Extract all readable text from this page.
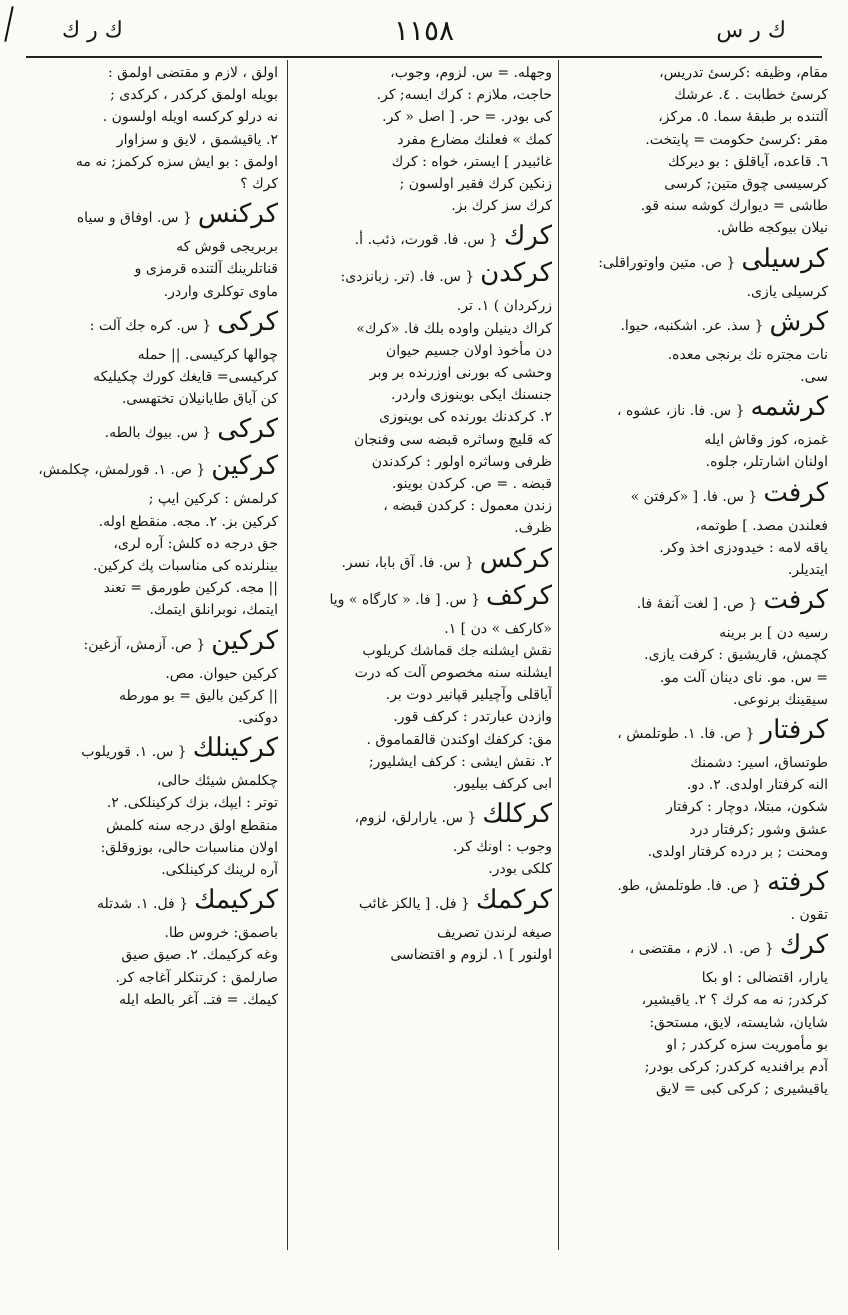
ك ر ك	١١٥٨	ك ر س
مقام، وظيفه :كرسىٔ تدريس،
كرسىٔ خطابت . ٤. عرشك
آلتنده بر طبقهٔ سما. ٥. مركز،
مقر :كرسىٔ حكومت = پايتخت.
٦. قاعده، آياقلق : بو دیركك
كرسيسى چوق متين; كرسى
طاشى = ديوارك كوشه سنه قو.
نيلان بيوكجه طاش.
كرسيلى{ ص. متين واوتوراقلى:
كرسيلى يازى.
كرش{ سذ. عر. اشكنبه، حيوا.
نات مجتره نك برنجى معده.
سى.
كرشمه{ س. فا. ناز، عشوه ،
غمزه، كوز وقاش ايله
اولنان اشارتلر، جلوه.
كرفت{ س. فا. [ «كرفتن »
فعلندن مصد. ] طوتمه،
ياقه لامه : خيدودزى اخذ وكر.
ايتديلر.
كرفت{ ص. [ لغت آنفهٔ فا.
رسيه دن ] بر برينه
كچمش، قاريشيق : كرفت يازى.
= س. مو. ناى دينان آلت مو.
سيقينك برنوعى.
كرفتار{ ص. فا. ١. طوتلمش ،
طوتساق، اسير: دشمنك
النه كرفتار اولدى. ٢. دو.
شكون، مبتلا، دوچار : كرفتار
عشق وشور ;كرفتار درد
ومحنت ; بر درده كرفتار اولدى.
كرفته{ ص. فا. طوتلمش، طو.
تقون .
كرك{ ص. ١. لازم ، مقتضى ،
يارار، اقتضالى : او بكا
كركدر; نه مه كرك ؟ ٢. ياقيشير،
شايان، شايسته، لايق، مستحق:
بو مأموريت سزه كركدر ; او
آدم برافنديه كركدر; كركى بودر;
ياقيشيرى ; كركى كبى = لايق
وجهله. = س. لزوم، وجوب،
حاجت، ملازم : كرك ايسه; كر.
كى بودر. = حر. [ اصل « كر.
كمك » فعلنك مضارع مفرد
غائبيدر ] ايستر، خواه : كرك
زنكين كرك فقير اولسون ;
كرك سز كرك بز.
كرك{ س. فا. قورت، ذئب. أ.
كركدن{ س. فا. (تر. زبانزدى:
زركردان ) ١. تر.
كراك دينيلن واوده بلك فا. «كرك»
دن مأخوذ اولان جسيم حيوان
وحشى كه بورنى اوزرنده بر وبر
جنسنك ايكى بوينوزى واردر.
٢. كركدنك بورنده كى بوينوزى
كه قليچ وساثره قبضه سى وفنجان
ظرفى وساثره اولور : كركدندن
قبضه . = ص. كركدن بوينو.
زندن معمول : كركدن قبضه ،
ظرف.
كركس{ س. فا. آق بابا، نسر.
كركف{ س. [ فا. « كارگاه » ويا
«كاركف » دن ] ١.
نقش ايشلنه جك قماشك كريلوب
ايشلنه سنه مخصوص آلت كه درت
آياقلى وآچيلير قپانير دوت بر.
وازدن عبارتدر : كركف قور.
مق: كركفك اوكندن قالقماموق .
٢. نقش ايشى : كركف ايشليور;
ابى كركف بيليور.
كركلك{ س. يارارلق، لزوم،
وجوب : اونك كر.
كلكى بودر.
كركمك{ فل. [ يالكز غائب
صيغه لرندن تصريف
اولنور ] ١. لزوم و اقتضاسى
اولق ، لازم و مقتضى اولمق :
بويله اولمق كركدر ، كركدى ;
نه درلو كركسه اويله اولسون .
٢. ياقيشمق ، لايق و سزاوار
اولمق : بو ايش سزه كركمز; نه مه
كرك ؟
كركنس{ س. اوفاق و سياه
بربريجى قوش كه
قناتلرينك آلتنده قرمزى و
ماوى توكلرى واردر.
كركى{ س. كره جك آلت :
چوالها كركيسى. || حمله
كركيسى= قايغك كورك چكيليكه
كن آياق طايانيلان تختهسى.
كركى{ س. بيوك بالطه.
كركين{ ص. ١. قورلمش، چكلمش،
كرلمش : كركين ايپ ;
كركين بز. ٢. مجه. منقطع اوله.
جق درجه ده كلش: آره لرى،
بينلرنده كى مناسبات پك كركين.
|| مجه. كركين طورمق = تعند
ايتمك، نوبرانلق ايتمك.
كركين{ ص. آزمش، آزغين:
كركين حيوان. مص.
|| كركين باليق = بو مورطه
دوكنى.
كركينلك{ س. ١. قوريلوب
چكلمش شيئك حالى،
توتر : ايپك، بزك كركينلكى. ٢.
منقطع اولق درجه سنه كلمش
اولان مناسبات حالى، بوزوقلق:
آره لرينك كركينلكى.
كركيمك{ فل. ١. شدتله
باصمق: خروس طا.
وغه كركيمك. ٢. صيق صيق
صارلمق : كرتنكلر آغاجه كر.
كيمك. = فتـ. آغر بالطه ايله
